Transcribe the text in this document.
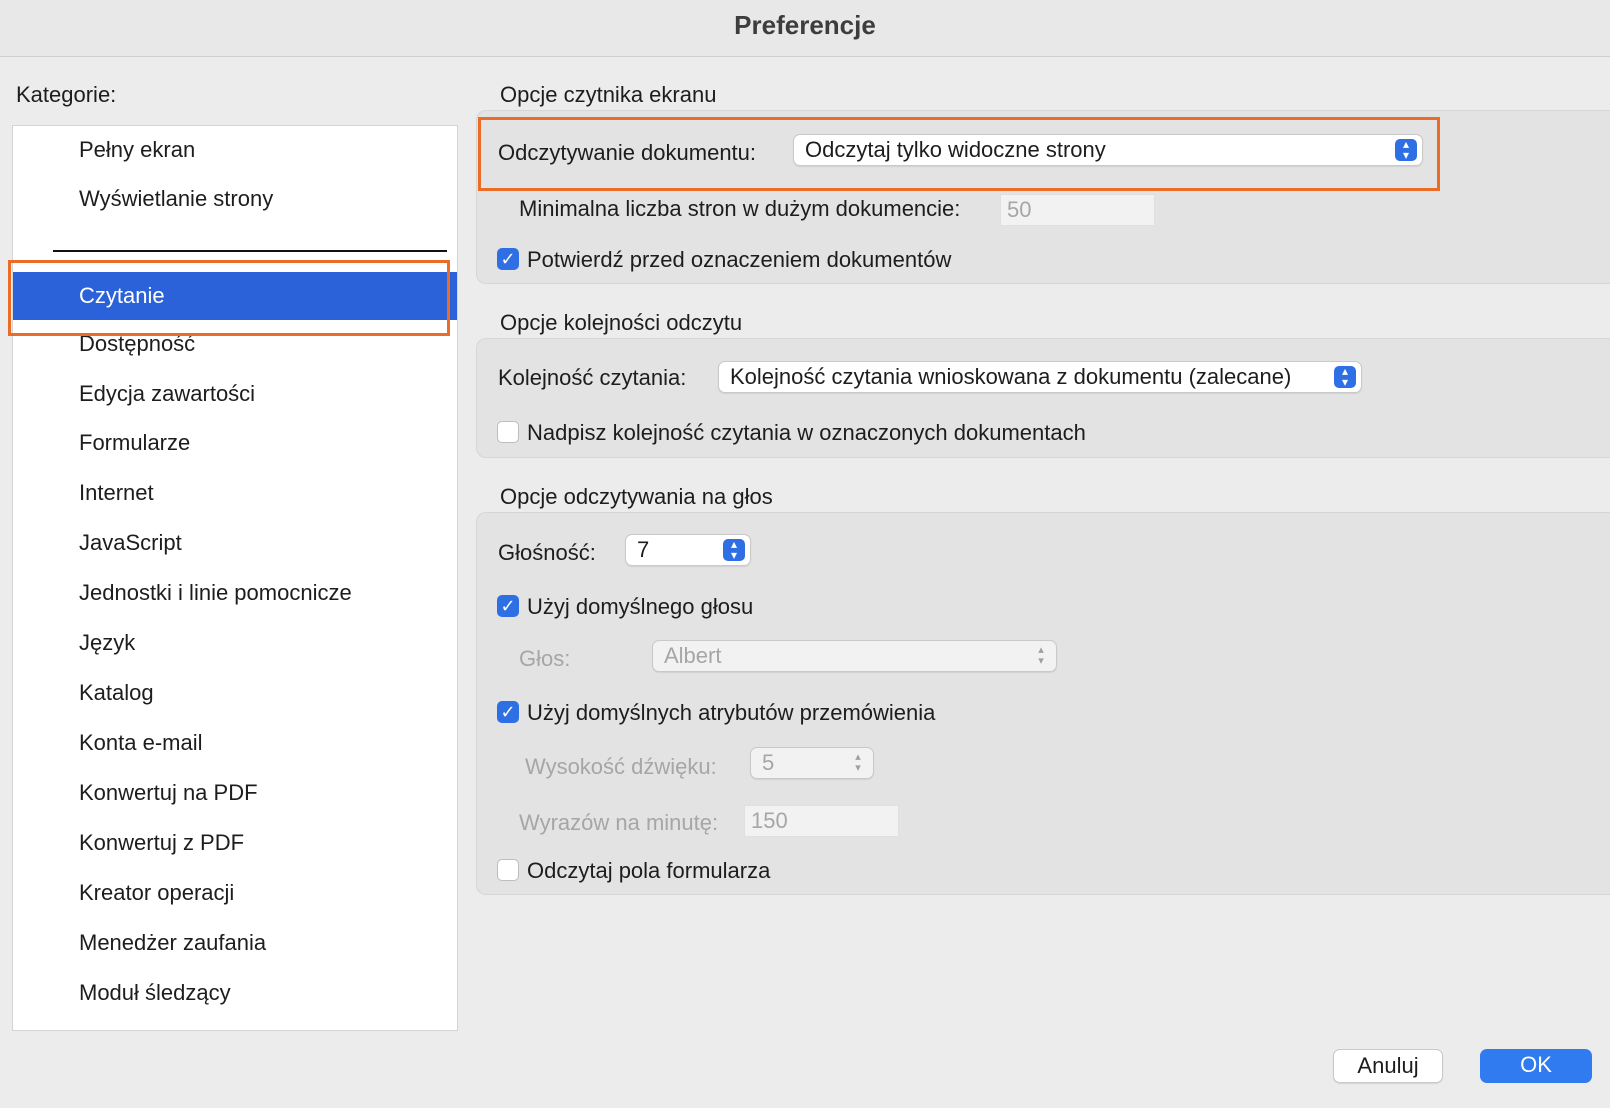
Preferencje
Kategorie:
Pełny ekran
Wyświetlanie strony
Czytanie
Dostępność
Edycja zawartości
Formularze
Internet
JavaScript
Jednostki i linie pomocnicze
Język
Katalog
Konta e-mail
Konwertuj na PDF
Konwertuj z PDF
Kreator operacji
Menedżer zaufania
Moduł śledzący
Opcje czytnika ekranu
Odczytywanie dokumentu:	Odczytaj tylko widoczne strony	▴
▾
Minimalna liczba stron w dużym dokumencie:	50
✓ Potwierdź przed oznaczeniem dokumentów
Opcje kolejności odczytu
Kolejność czytania:	Kolejność czytania wnioskowana z dokumentu (zalecane)	▴
▾
Nadpisz kolejność czytania w oznaczonych dokumentach
Opcje odczytywania na głos
Głośność:	7	▴
▾
✓ Użyj domyślnego głosu
Głos:	Albert	▴
▾
✓ Użyj domyślnych atrybutów przemówienia
Wysokość dźwięku:	5	▴
▾
Wyrazów na minutę:	150
Odczytaj pola formularza
Anuluj	OK
